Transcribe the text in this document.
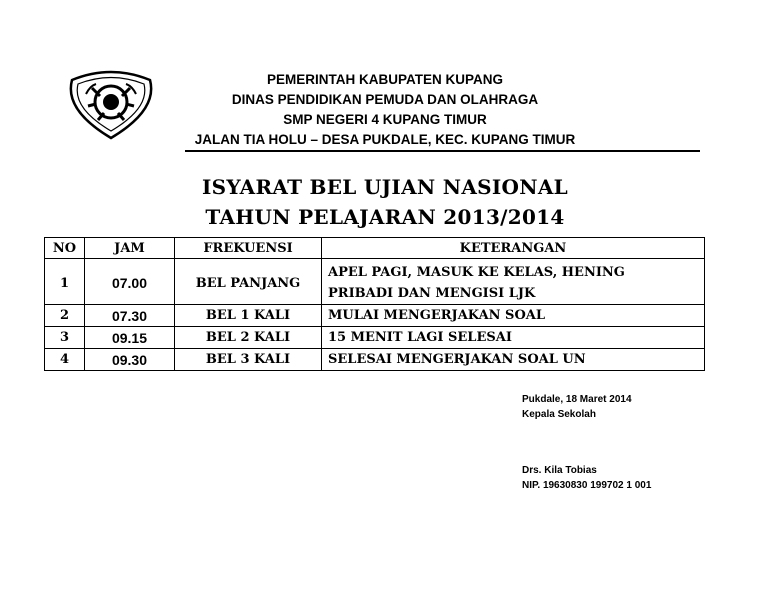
PEMERINTAH KABUPATEN KUPANG
DINAS PENDIDIKAN PEMUDA DAN OLAHRAGA
SMP NEGERI 4 KUPANG TIMUR
JALAN TIA HOLU – DESA PUKDALE, KEC. KUPANG TIMUR
ISYARAT BEL UJIAN NASIONAL
TAHUN PELAJARAN 2013/2014
NO	JAM	FREKUENSI	KETERANGAN
1	07.00	BEL PANJANG	APEL PAGI, MASUK KE KELAS, HENING
PRIBADI DAN MENGISI LJK

2	07.30	BEL 1 KALI	MULAI MENGERJAKAN SOAL
3	09.15	BEL 2 KALI	15 MENIT LAGI SELESAI
4	09.30	BEL 3 KALI	SELESAI MENGERJAKAN SOAL UN
Pukdale, 18 Maret 2014
Kepala Sekolah
Drs. Kila Tobias
NIP. 19630830 199702 1 001
